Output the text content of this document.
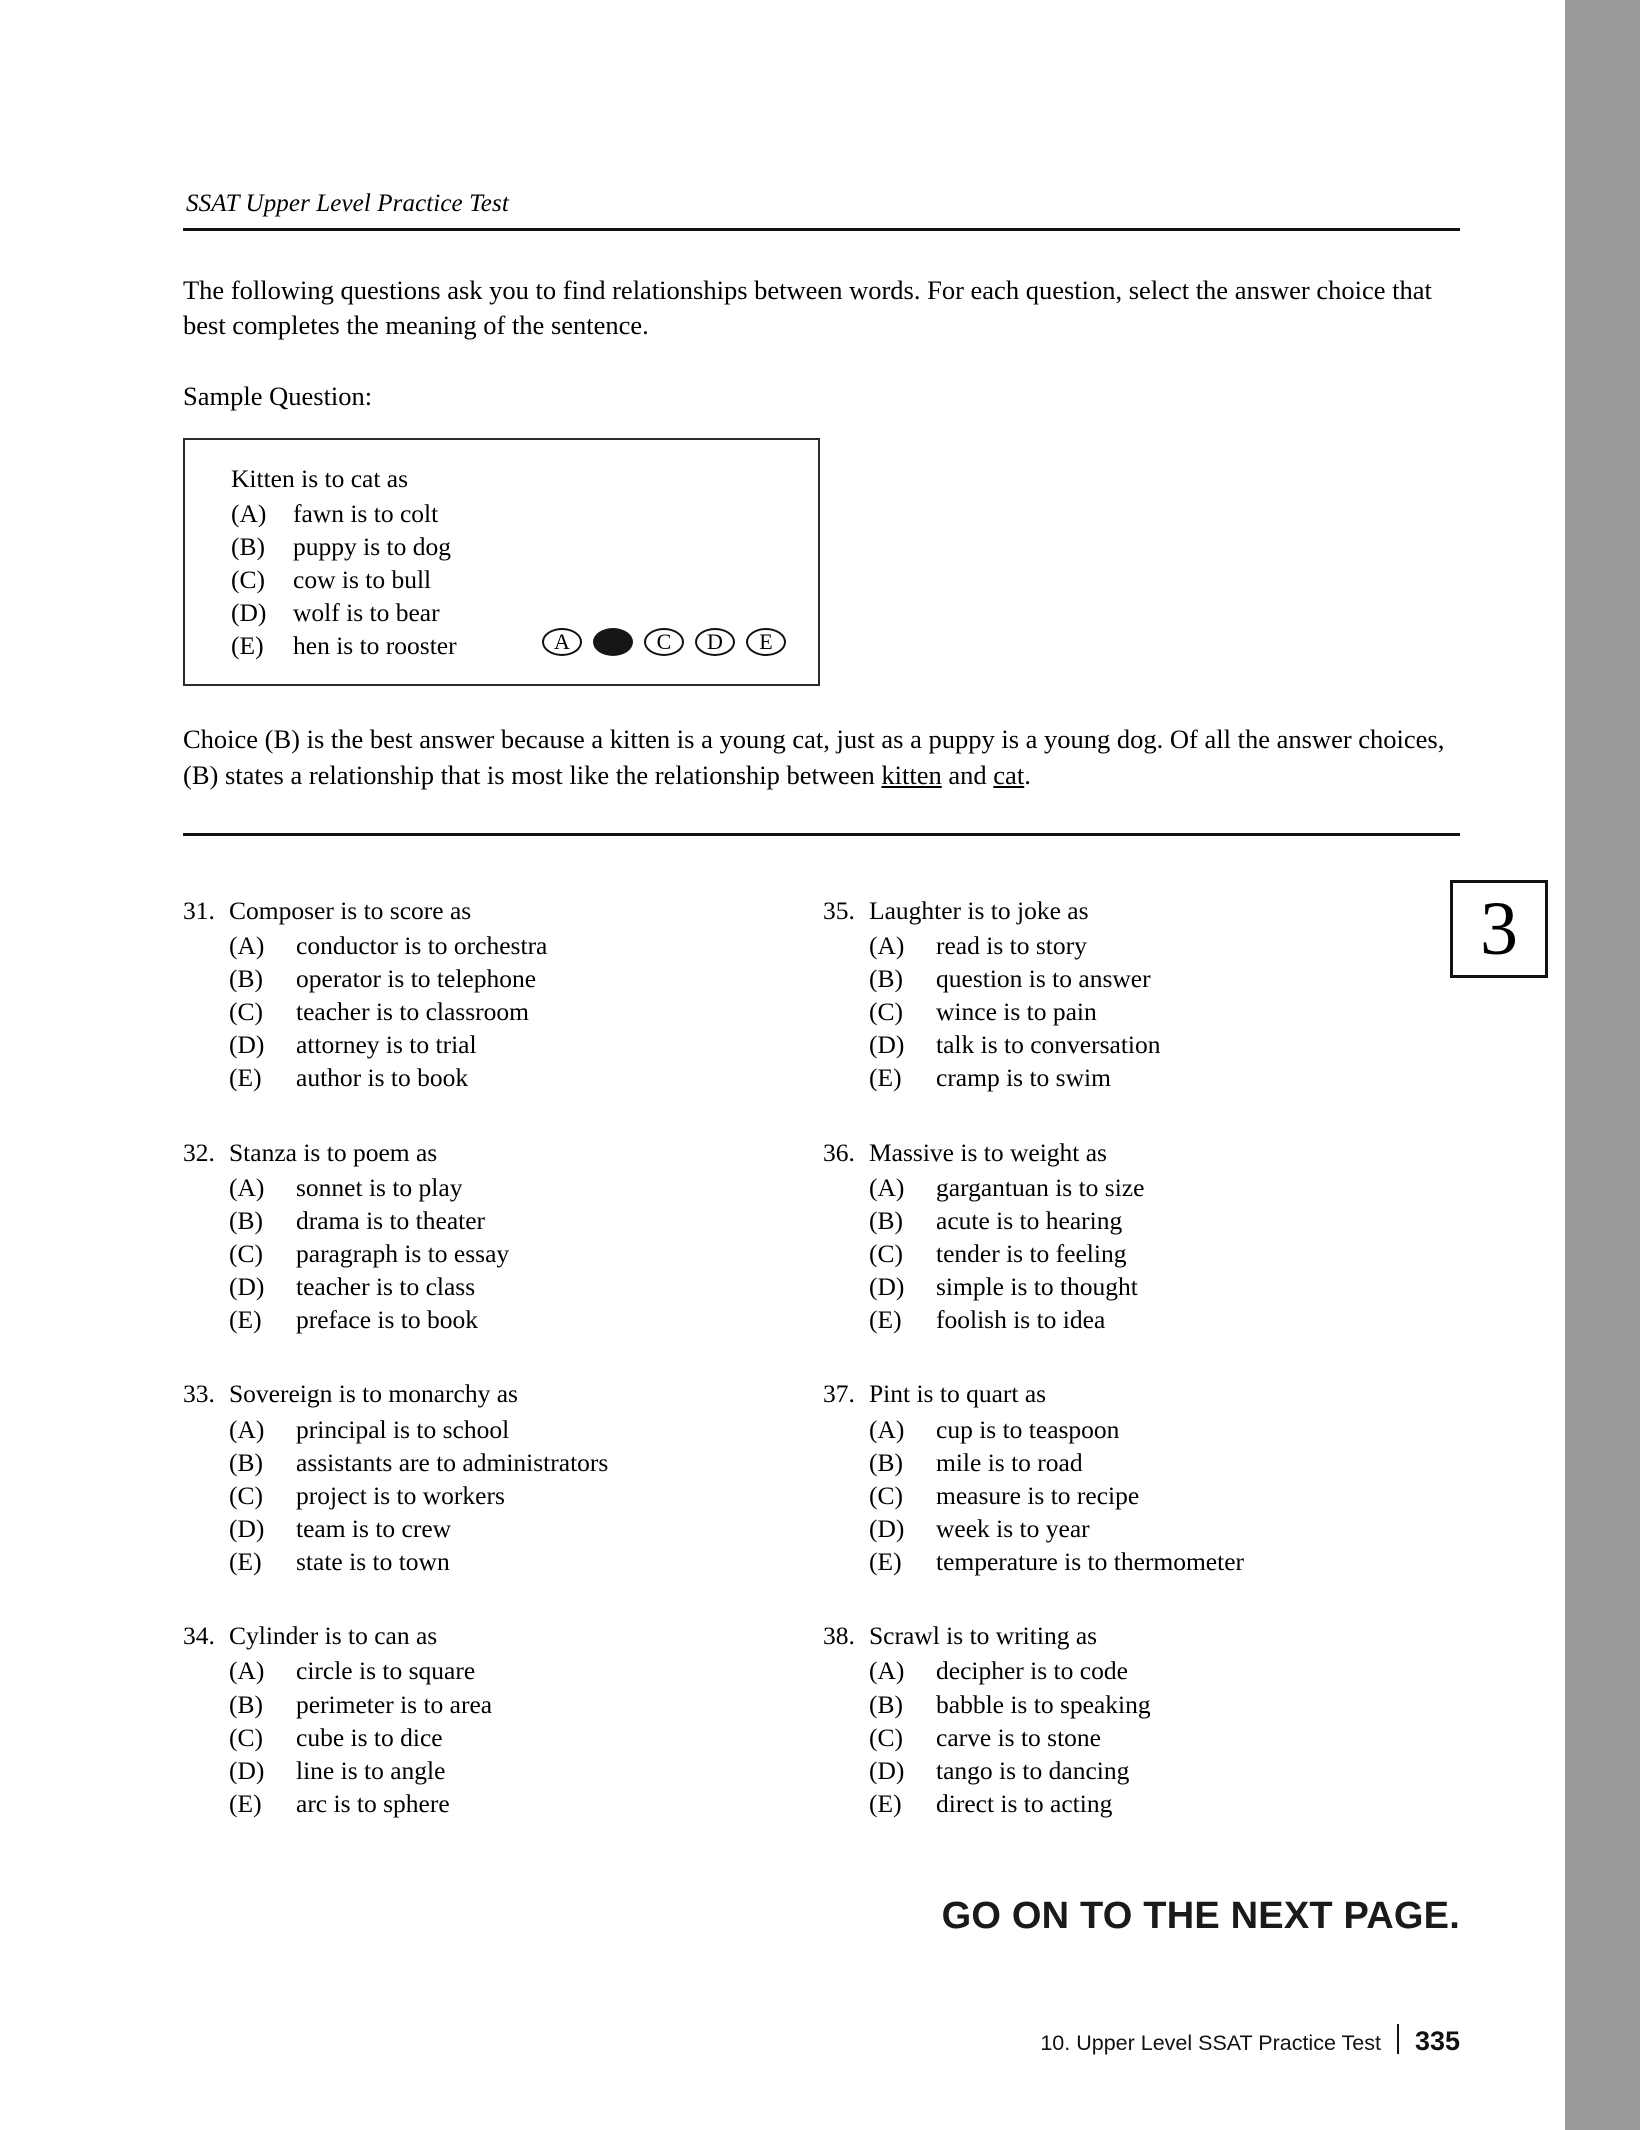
SSAT Upper Level Practice Test

The following questions ask you to find relationships between words. For each question, select the answer choice that best completes the meaning of the sentence.

Sample Question:

Kitten is to cat as
(A)	fawn is to colt
(B)	puppy is to dog
(C)	cow is to bull
(D)	wolf is to bear
(E)	hen is to rooster	A	C	D	E

Choice (B) is the best answer because a kitten is a young cat, just as a puppy is a young dog. Of all the answer choices, (B) states a relationship that is most like the relationship between kitten and cat.

3
31. Composer is to score as
(A)	conductor is to orchestra
(B)	operator is to telephone
(C)	teacher is to classroom
(D)	attorney is to trial
(E)	author is to book
32. Stanza is to poem as
(A)	sonnet is to play
(B)	drama is to theater
(C)	paragraph is to essay
(D)	teacher is to class
(E)	preface is to book
33. Sovereign is to monarchy as
(A)	principal is to school
(B)	assistants are to administrators
(C)	project is to workers
(D)	team is to crew
(E)	state is to town
34. Cylinder is to can as
(A)	circle is to square
(B)	perimeter is to area
(C)	cube is to dice
(D)	line is to angle
(E)	arc is to sphere
35. Laughter is to joke as
(A)	read is to story
(B)	question is to answer
(C)	wince is to pain
(D)	talk is to conversation
(E)	cramp is to swim
36. Massive is to weight as
(A)	gargantuan is to size
(B)	acute is to hearing
(C)	tender is to feeling
(D)	simple is to thought
(E)	foolish is to idea
37. Pint is to quart as
(A)	cup is to teaspoon
(B)	mile is to road
(C)	measure is to recipe
(D)	week is to year
(E)	temperature is to thermometer
38. Scrawl is to writing as
(A)	decipher is to code
(B)	babble is to speaking
(C)	carve is to stone
(D)	tango is to dancing
(E)	direct is to acting
GO ON TO THE NEXT PAGE.
10. Upper Level SSAT Practice Test	335
